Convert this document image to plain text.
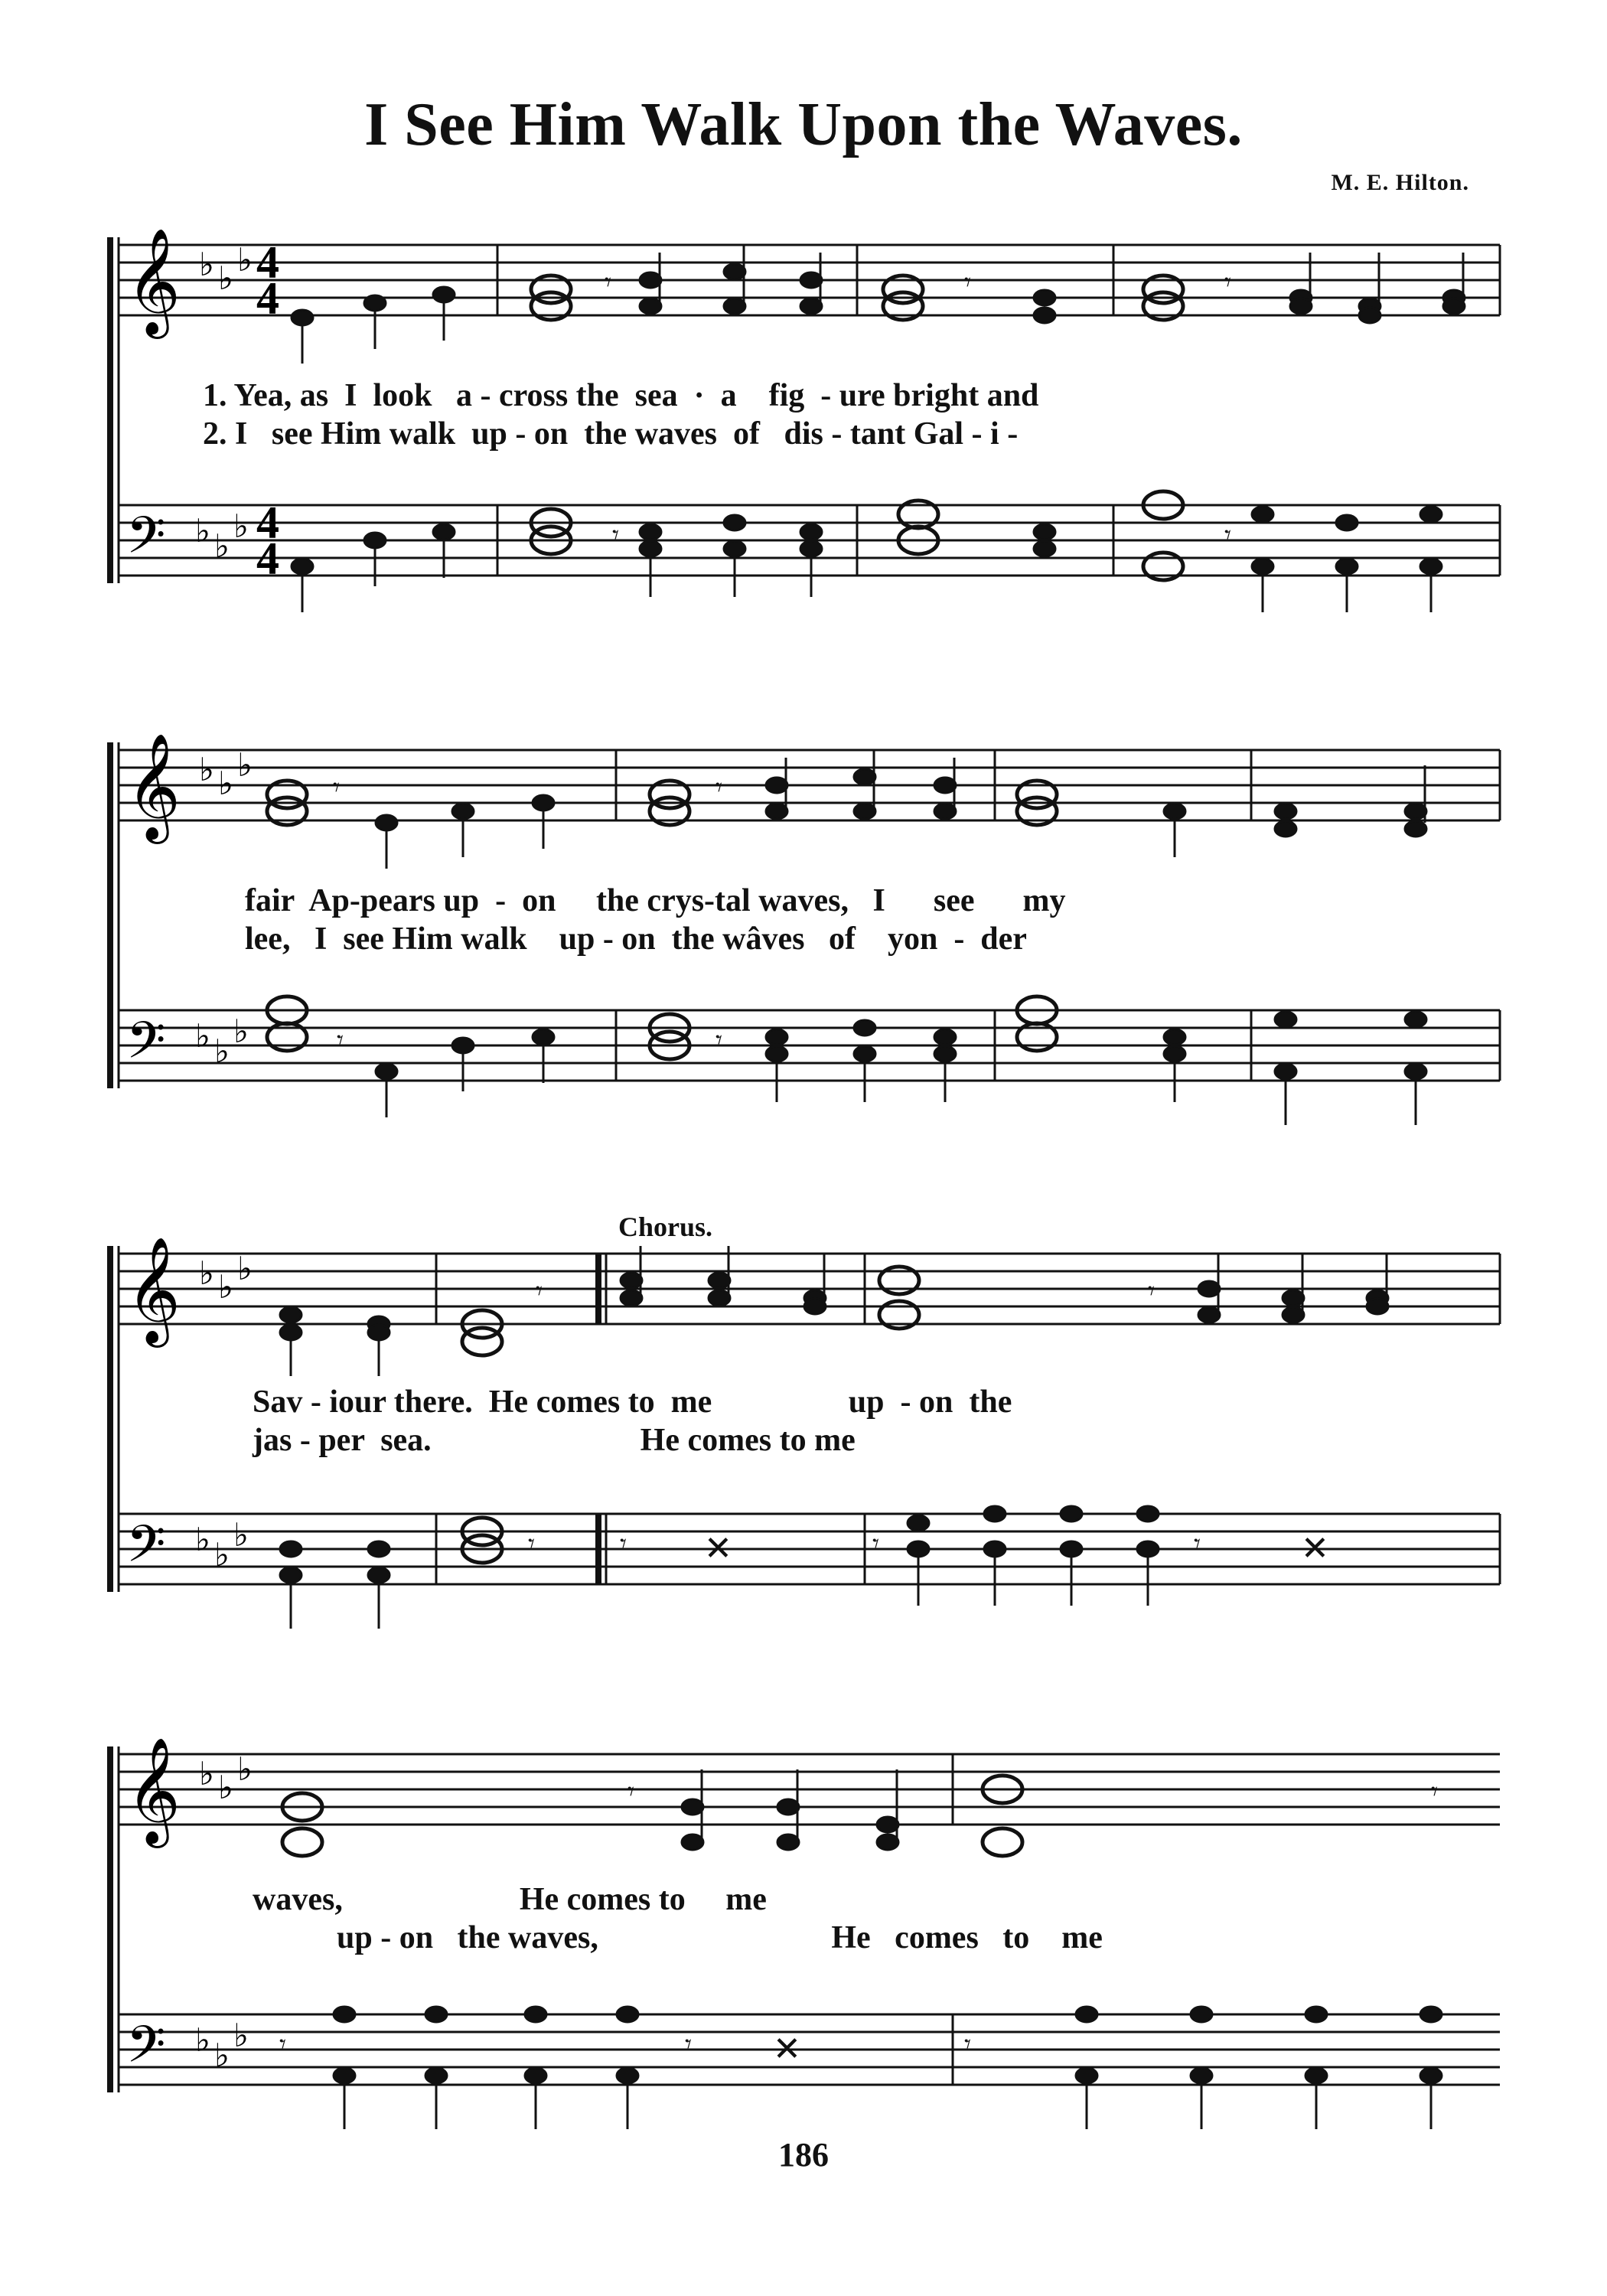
I See Him Walk Upon the Waves.
M. E. Hilton.
𝄞
𝄢
♭ ♭ ♭
♭ ♭
♭
4
4
4
4
𝄾	𝄾	𝄾
𝄾	𝄾
1. Yea, as  I  look   a - cross the  sea  ·  a    fig  - ure bright and
2. I   see Him walk  up - on  the waves  of   dis - tant Gal - i -
𝄞
𝄢
♭ ♭ ♭
♭ ♭
♭
𝄾	𝄾
𝄾	𝄾
fair  Ap-pears up  -  on     the crys-tal waves,   I      see      my
lee,   I  see Him walk    up - on  the wâves   of    yon  -  der
Chorus.
𝄞
𝄢
♭ ♭ ♭
♭ ♭
♭
𝄾	𝄾
𝄾	𝄾	𝄾	𝄾
✕	✕
Sav - iour there.  He comes to  me                 up  - on  the
jas - per  sea.                          He comes to me
𝄞
𝄢
♭ ♭ ♭
♭ ♭
♭
𝄾	𝄾
𝄾	𝄾	𝄾
✕
waves,                      He comes to     me
up - on   the waves,                             He   comes   to    me
186
